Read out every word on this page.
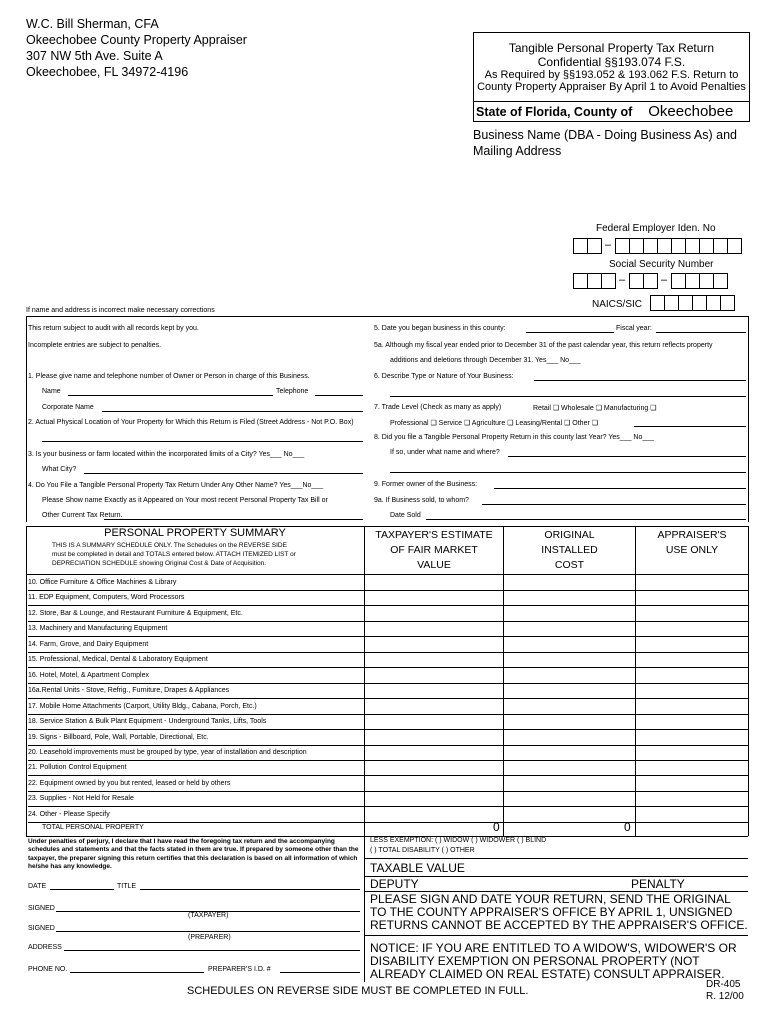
W.C. Bill Sherman, CFA
Okeechobee County Property Appraiser
307 NW 5th Ave. Suite A
Okeechobee, FL 34972-4196
Tangible Personal Property Tax Return
Confidential §§193.074 F.S.
As Required by §§193.052 & 193.062 F.S. Return to
County Property Appraiser By April 1 to Avoid Penalties
State of Florida, County of Okeechobee
Business Name (DBA - Doing Business As) and
Mailing Address
Federal Employer Iden. No
–
Social Security Number
–	–
NAICS/SIC
If name and address is incorrect make necessary corrections
This return subject to audit with all records kept by you.
Incomplete entries are subject to penalties.
1. Please give name and telephone number of Owner or Person in charge of this Business.
Name	Telephone
Corporate Name
2. Actual Physical Location of Your Property for Which this Return is Filed (Street Address - Not P.O. Box)
3. Is your business or farm located within the incorporated limits of a City? Yes___ No___
What City?
4. Do You File a Tangible Personal Property Tax Return Under Any Other Name? Yes___No___
Please Show name Exactly as it Appeared on Your most recent Personal Property Tax Bill or
Other Current Tax Return.
5. Date you began business in this county:	Fiscal year:
5a. Although my fiscal year ended prior to December 31 of the past calendar year, this return reflects property
additions and deletions through December 31. Yes___ No___
6. Describe Type or Nature of Your Business:
7. Trade Level (Check as many as apply)	Retail ❑ Wholesale ❑ Manufacturing ❑
Professional ❑ Service ❑ Agriculture ❑ Leasing/Rental ❑ Other ❑
8. Did you file a Tangible Personal Property Return in this county last Year? Yes___ No___
If so, under what name and where?
9. Former owner of the Business:
9a. If Business sold, to whom?
Date Sold
PERSONAL PROPERTY SUMMARY
THIS IS A SUMMARY SCHEDULE ONLY. The Schedules on the REVERSE SIDE
must be completed in detail and TOTALS entered below. ATTACH ITEMIZED LIST or
DEPRECIATION SCHEDULE showing Original Cost & Date of Acquisition.
TAXPAYER'S ESTIMATE
OF FAIR MARKET
VALUE
ORIGINAL
INSTALLED
COST
APPRAISER'S
USE ONLY
10. Office Furniture & Office Machines & Library
11. EDP Equipment, Computers, Word Processors
12. Store, Bar & Lounge, and Restaurant Furniture & Equipment, Etc.
13. Machinery and Manufacturing Equipment
14. Farm, Grove, and Dairy Equipment
15. Professional, Medical, Dental & Laboratory Equipment
16. Hotel, Motel, & Apartment Complex
16a.Rental Units - Stove, Refrig., Furniture, Drapes & Appliances
17. Mobile Home Attachments (Carport, Utility Bldg., Cabana, Porch, Etc.)
18. Service Station & Bulk Plant Equipment - Underground Tanks, Lifts, Tools
19. Signs - Billboard, Pole, Wall, Portable, Directional, Etc.
20. Leasehold improvements must be grouped by type, year of installation and description
21. Pollution Control Equipment
22. Equipment owned by you but rented, leased or held by others
23. Supplies - Not Held for Resale
24. Other - Please Specify
TOTAL PERSONAL PROPERTY	0	0
Under penalties of perjury, I declare that I have read the foregoing tax return and the accompanying schedules and statements and that the facts stated in them are true. If prepared by someone other than the taxpayer, the preparer signing this return certifies that this declaration is based on all information of which he/she has any knowledge.
DATE	TITLE
SIGNED
(TAXPAYER)
SIGNED
(PREPARER)
ADDRESS
PHONE NO.	PREPARER'S I.D. #
LESS EXEMPTION: ( ) WIDOW ( ) WIDOWER ( ) BLIND
( ) TOTAL DISABILITY ( ) OTHER
TAXABLE VALUE
DEPUTY	PENALTY
PLEASE SIGN AND DATE YOUR RETURN, SEND THE ORIGINAL TO THE COUNTY APPRAISER'S OFFICE BY APRIL 1, UNSIGNED RETURNS CANNOT BE ACCEPTED BY THE APPRAISER'S OFFICE.
NOTICE: IF YOU ARE ENTITLED TO A WIDOW'S, WIDOWER'S OR DISABILITY EXEMPTION ON PERSONAL PROPERTY (NOT ALREADY CLAIMED ON REAL ESTATE) CONSULT APPRAISER.
SCHEDULES ON REVERSE SIDE MUST BE COMPLETED IN FULL.
DR-405
R. 12/00
